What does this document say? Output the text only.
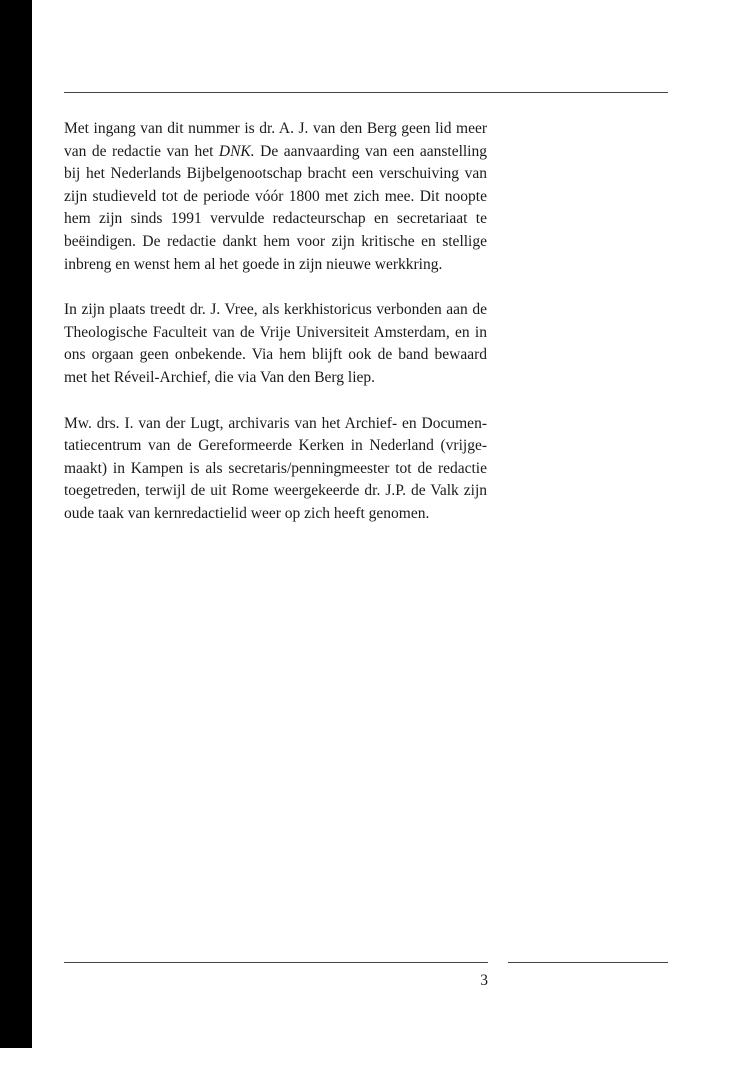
Met ingang van dit nummer is dr. A. J. van den Berg geen lid meer van de redactie van het DNK. De aanvaarding van een aanstelling bij het Nederlands Bijbelgenootschap bracht een verschuiving van zijn studieveld tot de periode vóór 1800 met zich mee. Dit noopte hem zijn sinds 1991 vervulde redacteurschap en secretariaat te beëindigen. De redactie dankt hem voor zijn kritische en stellige inbreng en wenst hem al het goede in zijn nieuwe werkkring.

In zijn plaats treedt dr. J. Vree, als kerkhistoricus verbonden aan de Theologische Faculteit van de Vrije Universiteit Amsterdam, en in ons orgaan geen onbekende. Via hem blijft ook de band bewaard met het Réveil-Archief, die via Van den Berg liep.

Mw. drs. I. van der Lugt, archivaris van het Archief- en Documentatiecentrum van de Gereformeerde Kerken in Nederland (vrijgemaakt) in Kampen is als secretaris/penningmeester tot de redactie toegetreden, terwijl de uit Rome weergekeerde dr. J.P. de Valk zijn oude taak van kernredactielid weer op zich heeft genomen.

3
